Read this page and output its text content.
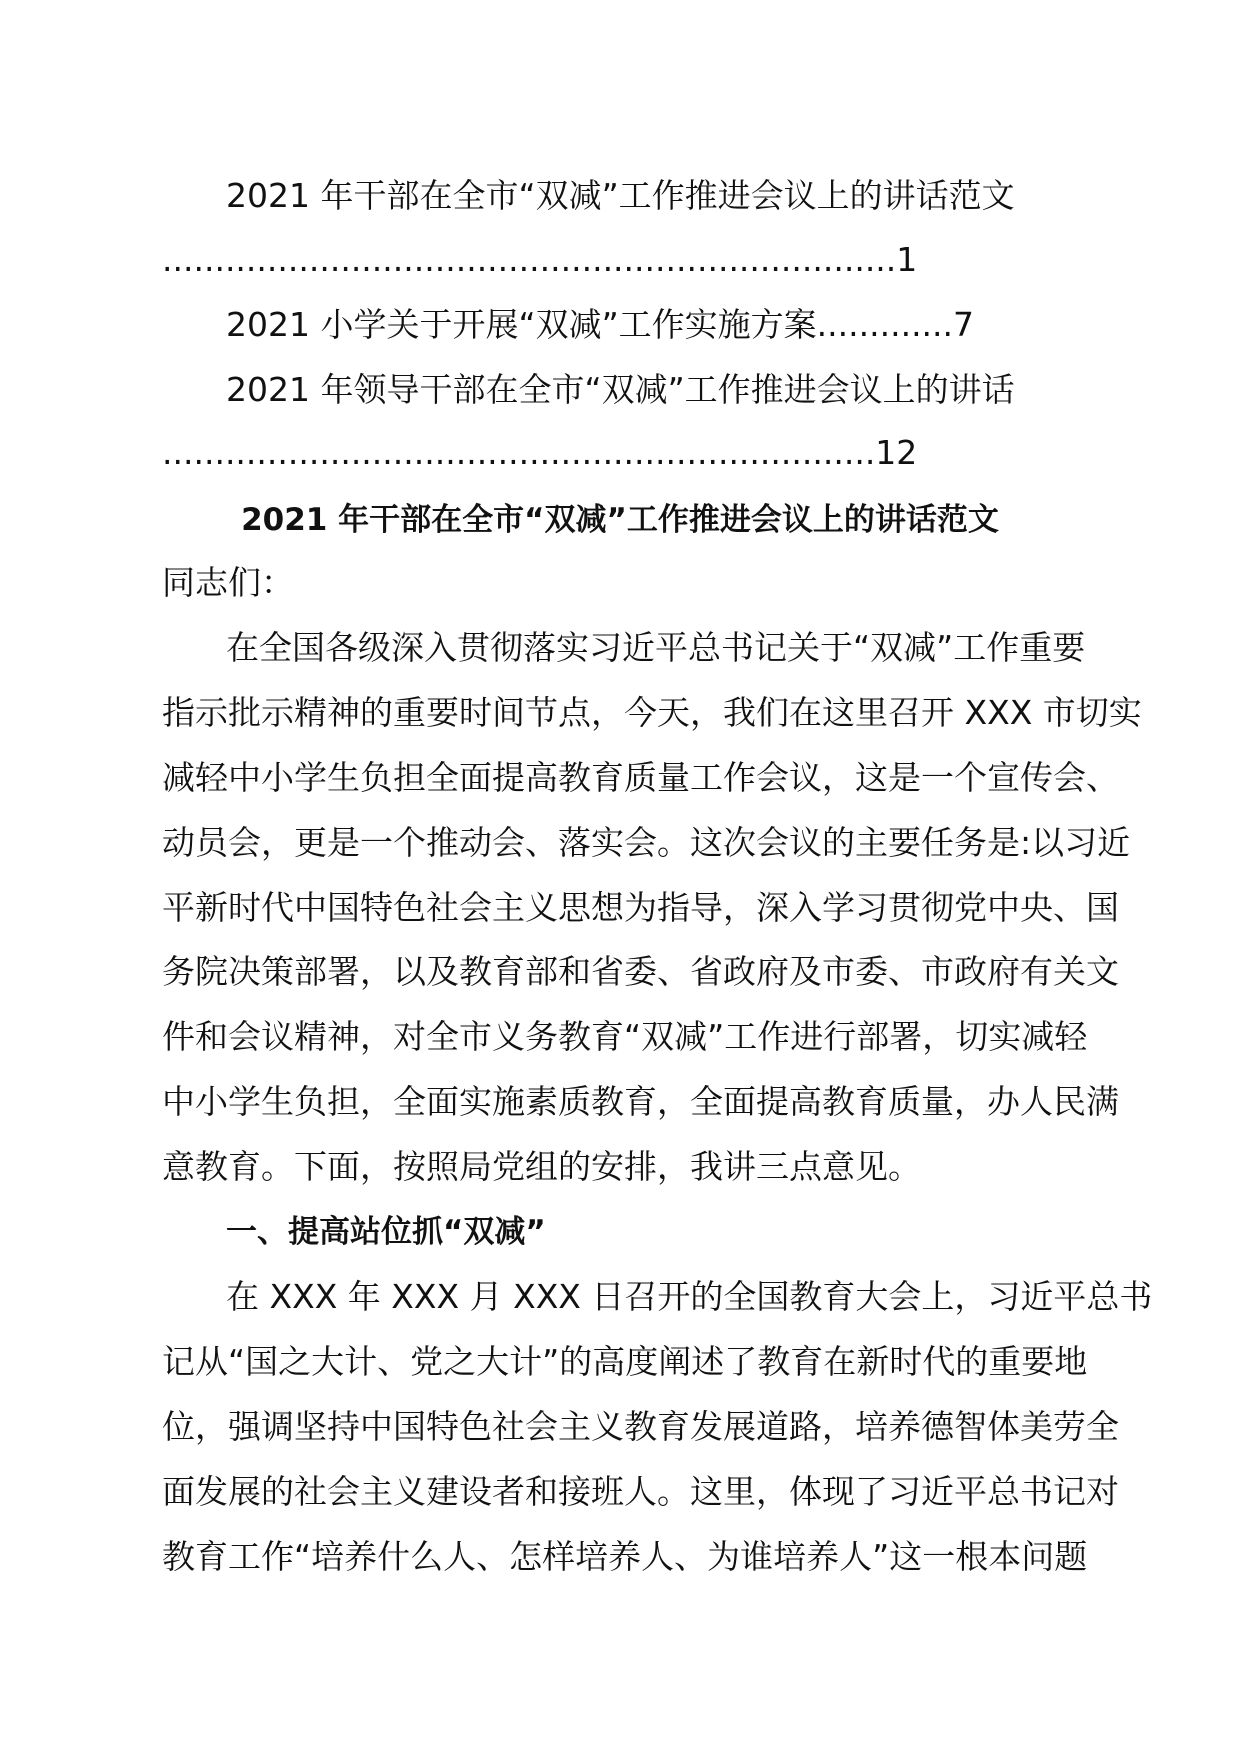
2021 年干部在全市“双减”工作推进会议上的讲话范文
......................................................................1
2021 小学关于开展“双减”工作实施方案.............7
2021 年领导干部在全市“双减”工作推进会议上的讲话
....................................................................12
2021 年干部在全市“双减”工作推进会议上的讲话范文
同志们：
在全国各级深入贯彻落实习近平总书记关于“双减”工作重要
指示批示精神的重要时间节点，今天，我们在这里召开 XXX 市切实
减轻中小学生负担全面提高教育质量工作会议，这是一个宣传会、
动员会，更是一个推动会、落实会。这次会议的主要任务是:以习近
平新时代中国特色社会主义思想为指导，深入学习贯彻党中央、国
务院决策部署，以及教育部和省委、省政府及市委、市政府有关文
件和会议精神，对全市义务教育“双减”工作进行部署，切实减轻
中小学生负担，全面实施素质教育，全面提高教育质量，办人民满
意教育。下面，按照局党组的安排，我讲三点意见。
一、提高站位抓“双减”
在 XXX 年 XXX 月 XXX 日召开的全国教育大会上，习近平总书
记从“国之大计、党之大计”的高度阐述了教育在新时代的重要地
位，强调坚持中国特色社会主义教育发展道路，培养德智体美劳全
面发展的社会主义建设者和接班人。这里，体现了习近平总书记对
教育工作“培养什么人、怎样培养人、为谁培养人”这一根本问题
